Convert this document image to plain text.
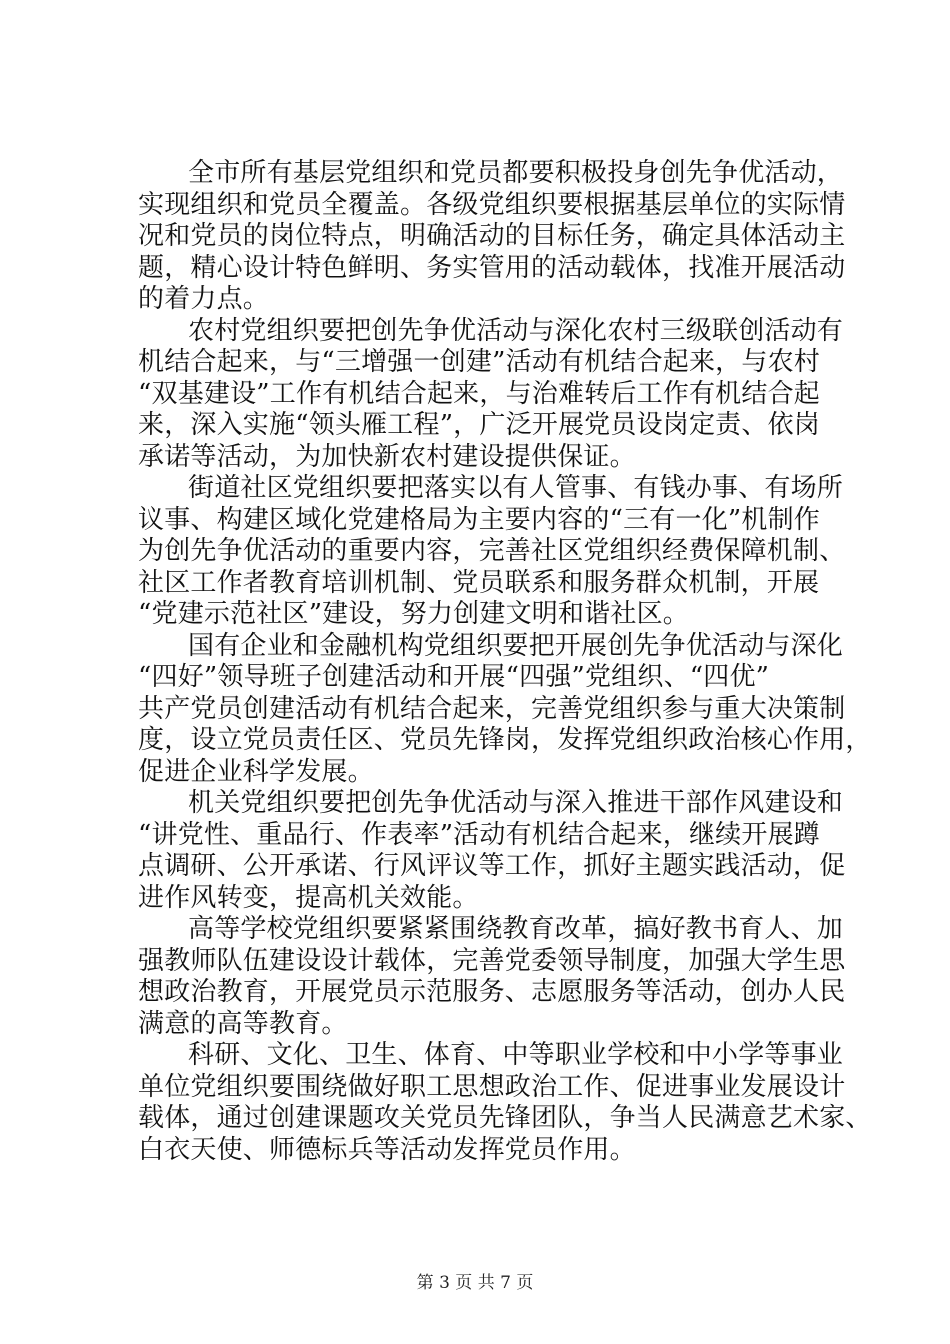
全市所有基层党组织和党员都要积极投身创先争优活动，
实现组织和党员全覆盖。各级党组织要根据基层单位的实际情
况和党员的岗位特点，明确活动的目标任务，确定具体活动主
题，精心设计特色鲜明、务实管用的活动载体，找准开展活动
的着力点。
农村党组织要把创先争优活动与深化农村三级联创活动有
机结合起来，与“三增强一创建”活动有机结合起来，与农村
“双基建设”工作有机结合起来，与治难转后工作有机结合起
来，深入实施“领头雁工程”，广泛开展党员设岗定责、依岗
承诺等活动，为加快新农村建设提供保证。
街道社区党组织要把落实以有人管事、有钱办事、有场所
议事、构建区域化党建格局为主要内容的“三有一化”机制作
为创先争优活动的重要内容，完善社区党组织经费保障机制、
社区工作者教育培训机制、党员联系和服务群众机制，开展
“党建示范社区”建设，努力创建文明和谐社区。
国有企业和金融机构党组织要把开展创先争优活动与深化
“四好”领导班子创建活动和开展“四强”党组织、“四优”
共产党员创建活动有机结合起来，完善党组织参与重大决策制
度，设立党员责任区、党员先锋岗，发挥党组织政治核心作用，
促进企业科学发展。
机关党组织要把创先争优活动与深入推进干部作风建设和
“讲党性、重品行、作表率”活动有机结合起来，继续开展蹲
点调研、公开承诺、行风评议等工作，抓好主题实践活动，促
进作风转变，提高机关效能。
高等学校党组织要紧紧围绕教育改革，搞好教书育人、加
强教师队伍建设设计载体，完善党委领导制度，加强大学生思
想政治教育，开展党员示范服务、志愿服务等活动，创办人民
满意的高等教育。
科研、文化、卫生、体育、中等职业学校和中小学等事业
单位党组织要围绕做好职工思想政治工作、促进事业发展设计
载体，通过创建课题攻关党员先锋团队，争当人民满意艺术家、
白衣天使、师德标兵等活动发挥党员作用。
第 3 页 共 7 页
